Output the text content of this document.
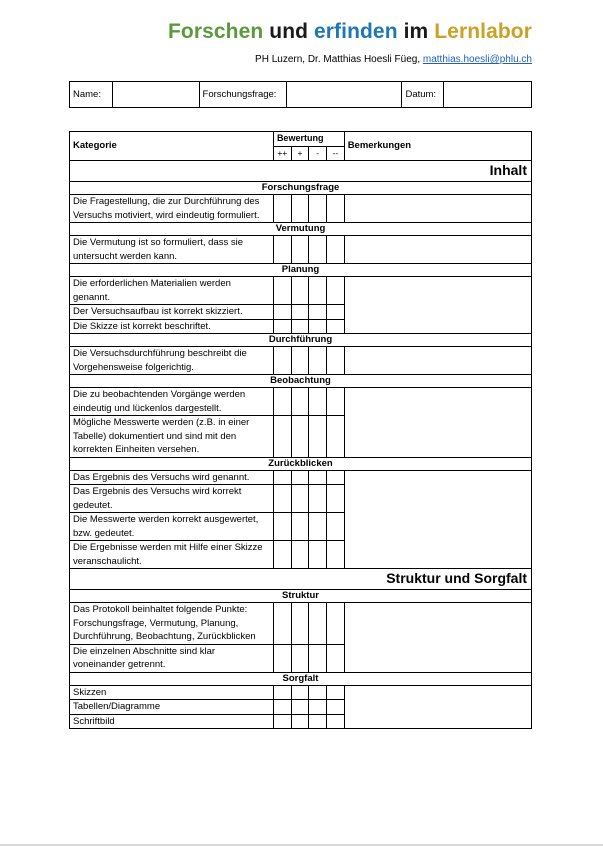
Forschen und erfinden im Lernlabor
PH Luzern, Dr. Matthias Hoesli Füeg, matthias.hoesli@phlu.ch
Name:		Forschungsfrage:		Datum:	
Kategorie	Bewertung				Bemerkungen
	++	+	-	--	
Inhalt					
Forschungsfrage					
Die Fragestellung, die zur Durchführung des Versuchs motiviert, wird eindeutig formuliert.					
Vermutung					
Die Vermutung ist so formuliert, dass sie untersucht werden kann.					
Planung					
Die erforderlichen Materialien werden genannt.					
Der Versuchsaufbau ist korrekt skizziert.					
Die Skizze ist korrekt beschriftet.					
Durchführung					
Die Versuchsdurchführung beschreibt die Vorgehensweise folgerichtig.					
Beobachtung					
Die zu beobachtenden Vorgänge werden eindeutig und lückenlos dargestellt.					
Mögliche Messwerte werden (z.B. in einer Tabelle) dokumentiert und sind mit den korrekten Einheiten versehen.					
Zurückblicken					
Das Ergebnis des Versuchs wird genannt.					
Das Ergebnis des Versuchs wird korrekt gedeutet.					
Die Messwerte werden korrekt ausgewertet, bzw. gedeutet.					
Die Ergebnisse werden mit Hilfe einer Skizze veranschaulicht.					
Struktur und Sorgfalt					
Struktur					
Das Protokoll beinhaltet folgende Punkte: Forschungsfrage, Vermutung, Planung, Durchführung, Beobachtung, Zurückblicken					
Die einzelnen Abschnitte sind klar voneinander getrennt.					
Sorgfalt					
Skizzen					
Tabellen/Diagramme					
Schriftbild					
